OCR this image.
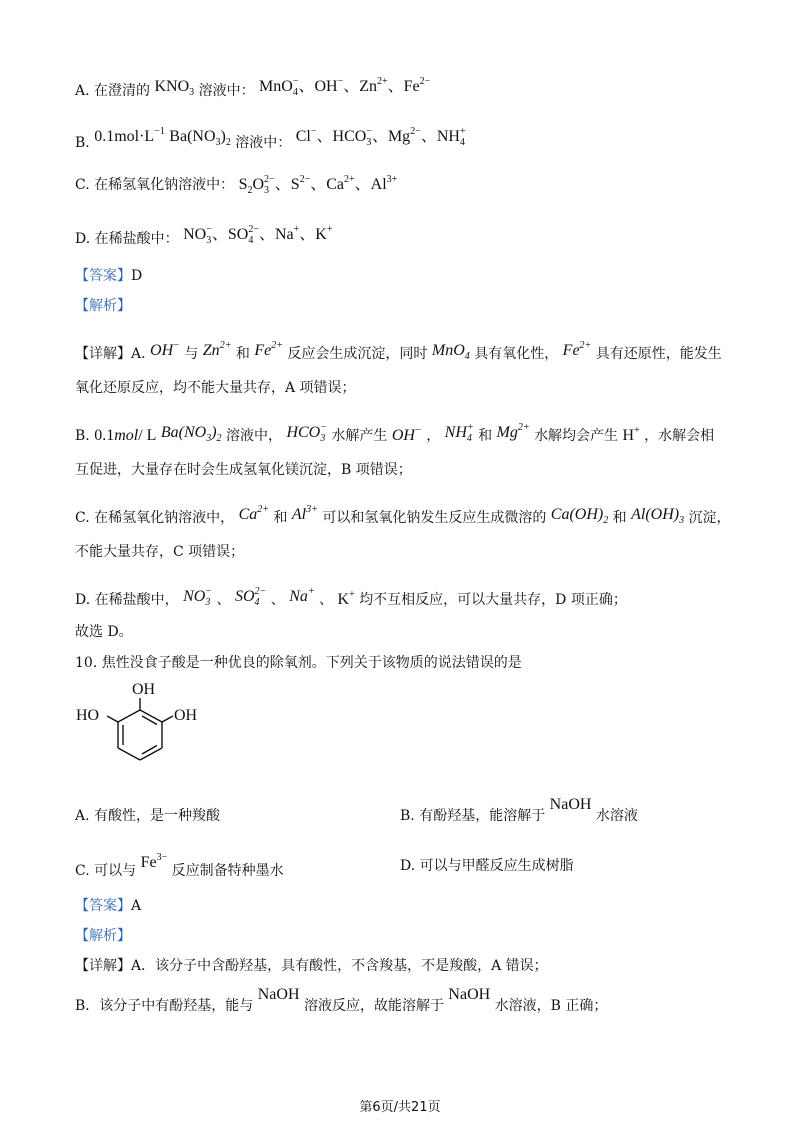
A. 在澄清的 $KNO_3$ 溶液中： MnO$_4$−、OH−、$Zn^{2+}$、$Fe^{2-}$
B. $0.1mol\cdot L^{-1}$ $Ba(NO_3)_2$ 溶液中： Cl−、$HCO_3^-$、$Mg^{2-}$、$NH_4^+$
C. 在稀氢氧化钠溶液中： $S_2O_3^{2-}$、$S^{2-}$、$Ca^{2+}$、$Al^{3+}$
D. 在稀盐酸中： $NO_3^-$、$SO_4^{2-}$、Na+、K+
【答案】D
【解析】
【详解】A. OH− 与 $Zn^{2+}$ 和 $Fe^{2+}$ 反应会生成沉淀，同时 MnO$_4$ 具有氧化性， $Fe^{2+}$ 具有还原性，能发生
氧化还原反应，均不能大量共存，A 项错误；
B. 0.1mol/ L $Ba(NO_3)_2$ 溶液中， $HCO_3^-$ 水解产生 OH− ， $NH_4^+$ 和 $Mg^{2+}$ 水解均会产生 H+ ，水解会相
互促进，大量存在时会生成氢氧化镁沉淀，B 项错误；
C. 在稀氢氧化钠溶液中， $Ca^{2+}$ 和 $Al^{3+}$ 可以和氢氧化钠发生反应生成微溶的 $Ca(OH)_2$ 和 $Al(OH)_3$ 沉淀，
不能大量共存，C 项错误；
D. 在稀盐酸中， $NO_3^-$ 、 $SO_4^{2-}$ 、 Na+ 、 K+ 均不互相反应，可以大量共存，D 项正确；
故选 D。
10. 焦性没食子酸是一种优良的除氧剂。下列关于该物质的说法错误的是
OH
HO	OH
A. 有酸性，是一种羧酸	B. 有酚羟基，能溶解于 NaOH 水溶液
C. 可以与 $Fe^{3-}$ 反应制备特种墨水	D. 可以与甲醛反应生成树脂
【答案】A
【解析】
【详解】A．该分子中含酚羟基，具有酸性，不含羧基，不是羧酸，A 错误；
B．该分子中有酚羟基，能与 NaOH 溶液反应，故能溶解于 NaOH 水溶液，B 正确；
第6页/共21页
